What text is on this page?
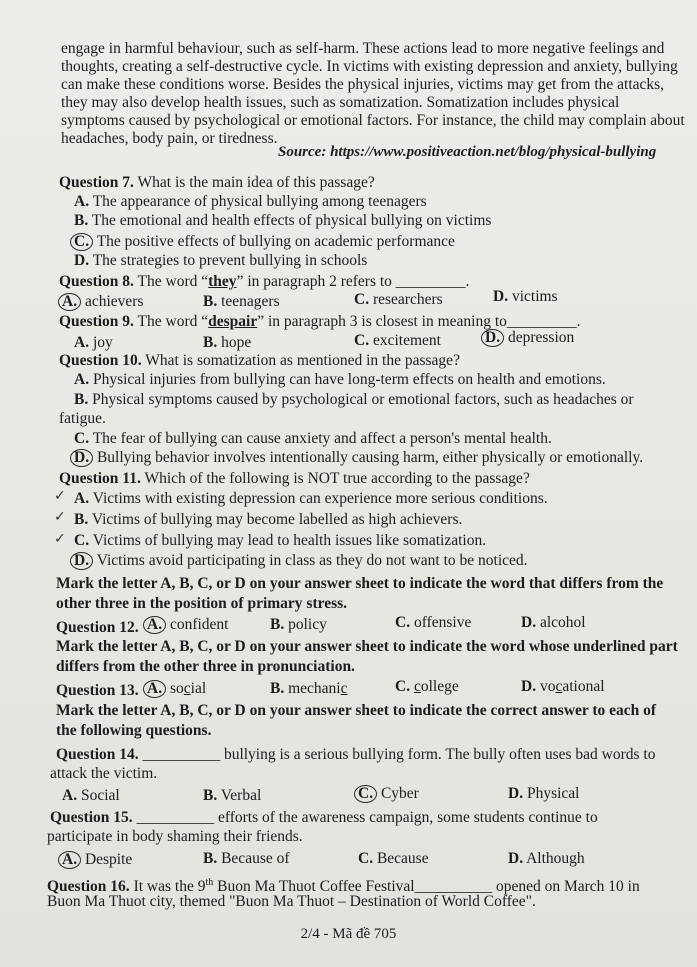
engage in harmful behaviour, such as self-harm. These actions lead to more negative feelings and
thoughts, creating a self-destructive cycle. In victims with existing depression and anxiety, bullying
can make these conditions worse. Besides the physical injuries, victims may get from the attacks,
they may also develop health issues, such as somatization. Somatization includes physical
symptoms caused by psychological or emotional factors. For instance, the child may complain about
headaches, body pain, or tiredness.
Source: https://www.positiveaction.net/blog/physical-bullying
Question 7. What is the main idea of this passage?
A. The appearance of physical bullying among teenagers
B. The emotional and health effects of physical bullying on victims
C. The positive effects of bullying on academic performance
D. The strategies to prevent bullying in schools
Question 8. The word “they” in paragraph 2 refers to _________.
A. achievers	B. teenagers	C. researchers	D. victims
Question 9. The word “despair” in paragraph 3 is closest in meaning to_________.
A. joy	B. hope	C. excitement	D. depression
Question 10. What is somatization as mentioned in the passage?
A. Physical injuries from bullying can have long-term effects on health and emotions.
B. Physical symptoms caused by psychological or emotional factors, such as headaches or
fatigue.
C. The fear of bullying can cause anxiety and affect a person's mental health.
D. Bullying behavior involves intentionally causing harm, either physically or emotionally.
Question 11. Which of the following is NOT true according to the passage?
✓ A. Victims with existing depression can experience more serious conditions.
✓ B. Victims of bullying may become labelled as high achievers.
✓ C. Victims of bullying may lead to health issues like somatization.
D. Victims avoid participating in class as they do not want to be noticed.
Mark the letter A, B, C, or D on your answer sheet to indicate the word that differs from the
other three in the position of primary stress.
Question 12. A. confident	B. policy	C. offensive	D. alcohol
Mark the letter A, B, C, or D on your answer sheet to indicate the word whose underlined part
differs from the other three in pronunciation.
Question 13. A. social	B. mechanic	C. college	D. vocational
Mark the letter A, B, C, or D on your answer sheet to indicate the correct answer to each of
the following questions.
Question 14. __________ bullying is a serious bullying form. The bully often uses bad words to
attack the victim.
A. Social	B. Verbal	C. Cyber	D. Physical
Question 15. __________ efforts of the awareness campaign, some students continue to
participate in body shaming their friends.
A. Despite	B. Because of	C. Because	D. Although
Question 16. It was the 9th Buon Ma Thuot Coffee Festival__________ opened on March 10 in
Buon Ma Thuot city, themed "Buon Ma Thuot – Destination of World Coffee".
2/4 - Mã đề 705
